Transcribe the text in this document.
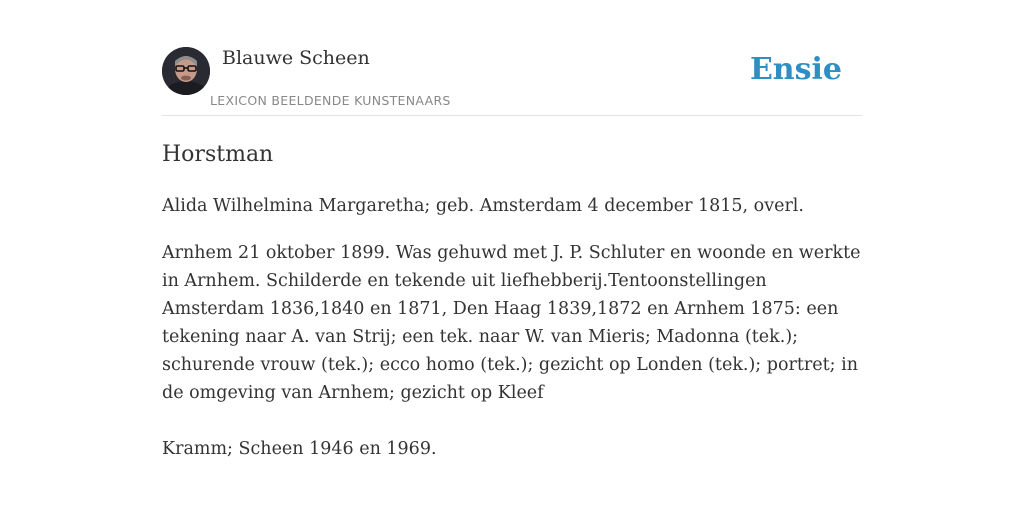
Blauwe Scheen
LEXICON BEELDENDE KUNSTENAARS
Ensie
Horstman

Alida Wilhelmina Margaretha; geb. Amsterdam 4 december 1815, overl.

Arnhem 21 oktober 1899. Was gehuwd met J. P. Schluter en woonde en werkte in Arnhem. Schilderde en tekende uit liefhebberij.Tentoonstellingen Amsterdam 1836,1840 en 1871, Den Haag 1839,1872 en Arnhem 1875: een tekening naar A. van Strij; een tek. naar W. van Mieris; Madonna (tek.); schurende vrouw (tek.); ecco homo (tek.); gezicht op Londen (tek.); portret; in de omgeving van Arnhem; gezicht op Kleef

Kramm; Scheen 1946 en 1969.
